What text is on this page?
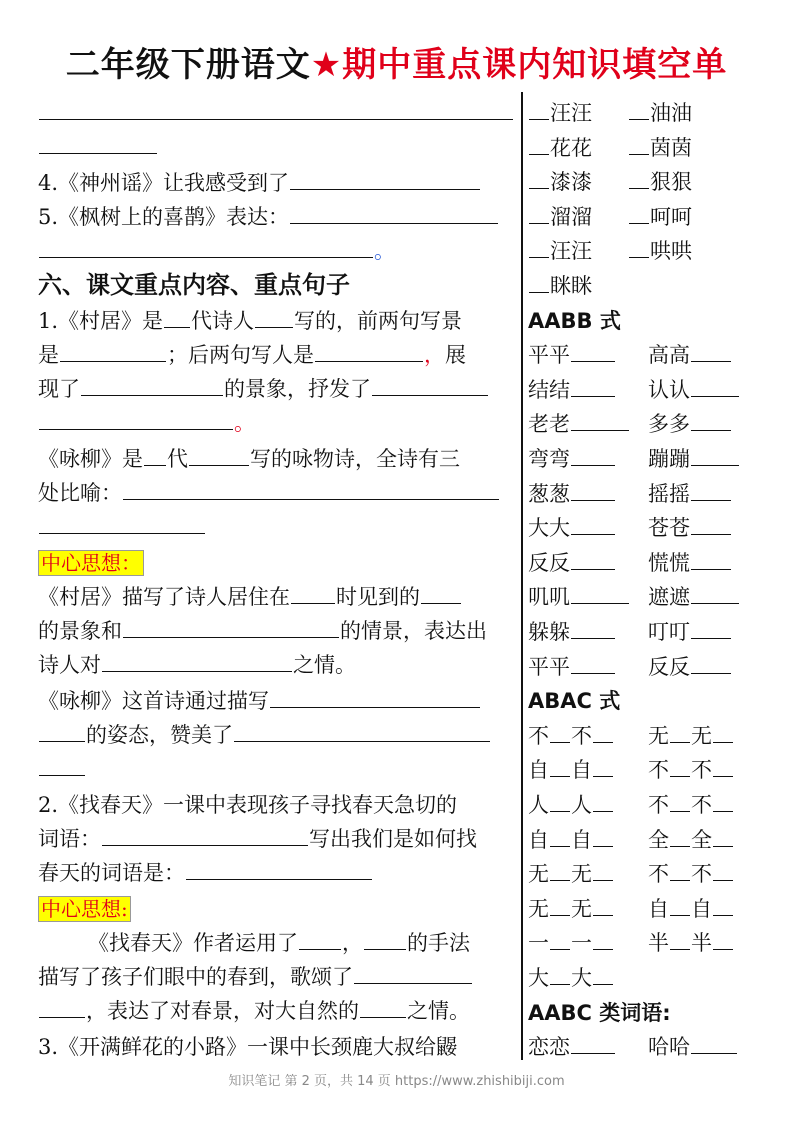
二年级下册语文★期中重点课内知识填空单
4.《神州谣》让我感受到了
5.《枫树上的喜鹊》表达：
。
六、课文重点内容、重点句子
1.《村居》是 代诗人 写的，前两句写景
是	；后两句写人是	，展
现了	的景象，抒发了
。
《咏柳》是 代	写的咏物诗，全诗有三
处比喻：
中心思想：
《村居》描写了诗人居住在 时见到的
的景象和	的情景，表达出
诗人对	之情。
《咏柳》这首诗通过描写
的姿态，赞美了
2.《找春天》一课中表现孩子寻找春天急切的
词语：	写出我们是如何找
春天的词语是：
中心思想:
《找春天》作者运用了 ， 的手法
描写了孩子们眼中的春到，歌颂了
，表达了对春景，对大自然的 之情。
3.《开满鲜花的小路》一课中长颈鹿大叔给鼹
汪汪	油油
花花	茵茵
漆漆	狠狠
溜溜	呵呵
汪汪	哄哄
眯眯
AABB 式
平平	高高
结结	认认
老老	多多
弯弯	蹦蹦
葱葱	摇摇
大大	苍苍
反反	慌慌
叽叽	遮遮
躲躲	叮叮
平平	反反
ABAC 式
不 不	无 无
自 自	不 不
人 人	不 不
自 自	全 全
无 无	不 不
无 无	自 自
一 一	半 半
大 大
AABC 类词语:
恋恋	哈哈
知识笔记 第 2 页，共 14 页 https://www.zhishibiji.com
